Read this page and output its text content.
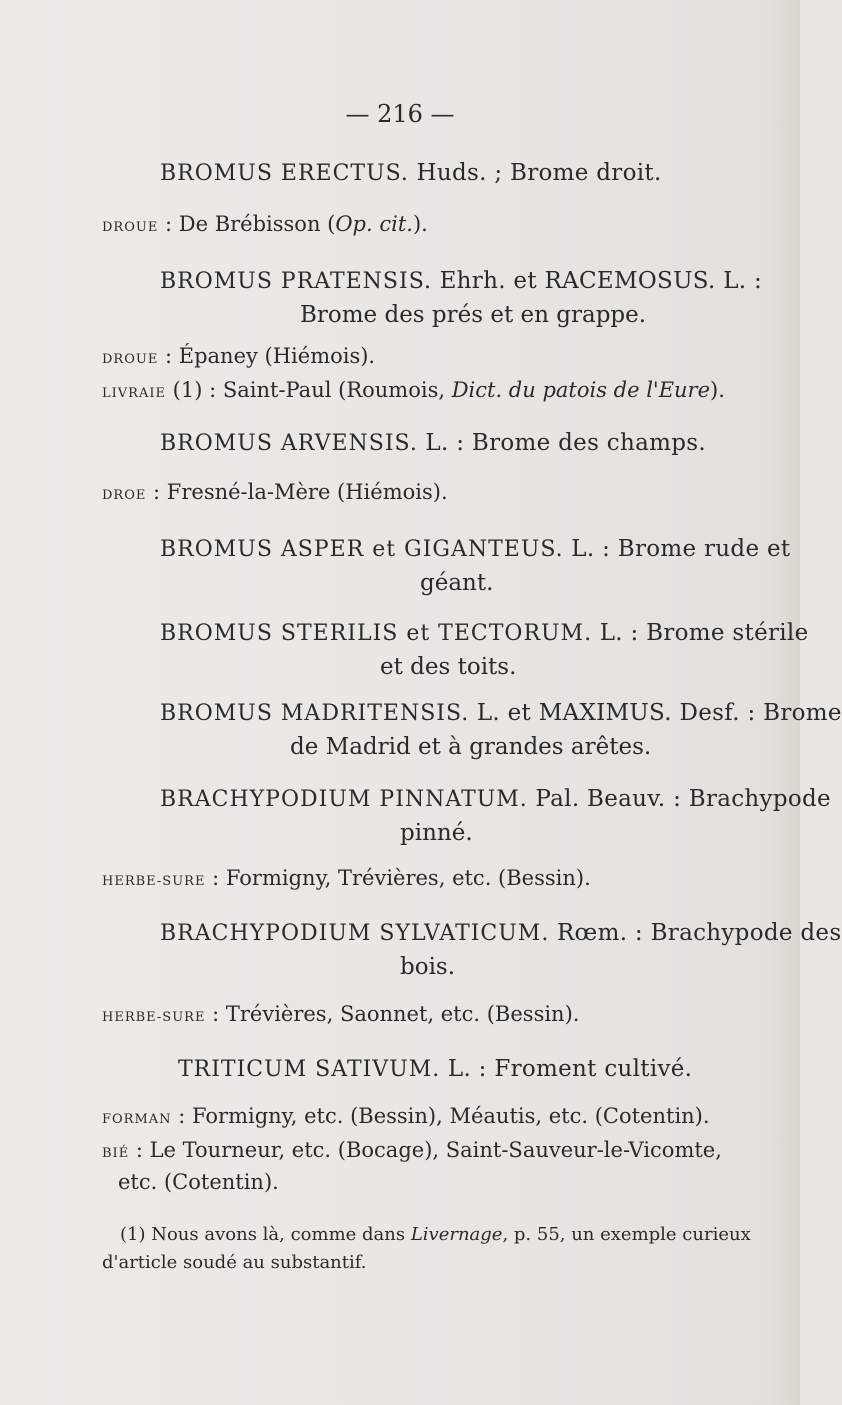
— 216 —
BROMUS ERECTUS. Huds. ; Brome droit.
DROUE : De Brébisson (Op. cit.).
BROMUS PRATENSIS. Ehrh. et RACEMOSUS. L. :
Brome des prés et en grappe.
DROUE : Épaney (Hiémois).
LIVRAIE (1) : Saint-Paul (Roumois, Dict. du patois de l'Eure).
BROMUS ARVENSIS. L. : Brome des champs.
DROE : Fresné-la-Mère (Hiémois).
BROMUS ASPER et GIGANTEUS. L. : Brome rude et
géant.
BROMUS STERILIS et TECTORUM. L. : Brome stérile
et des toits.
BROMUS MADRITENSIS. L. et MAXIMUS. Desf. : Brome
de Madrid et à grandes arêtes.
BRACHYPODIUM PINNATUM. Pal. Beauv. : Brachypode
pinné.
HERBE-SURE : Formigny, Trévières, etc. (Bessin).
BRACHYPODIUM SYLVATICUM. Rœm. : Brachypode des
bois.
HERBE-SURE : Trévières, Saonnet, etc. (Bessin).
TRITICUM SATIVUM. L. : Froment cultivé.
FORMAN : Formigny, etc. (Bessin), Méautis, etc. (Cotentin).
BIÉ : Le Tourneur, etc. (Bocage), Saint-Sauveur-le-Vicomte,
etc. (Cotentin).
(1) Nous avons là, comme dans Livernage, p. 55, un exemple curieux
d'article soudé au substantif.
